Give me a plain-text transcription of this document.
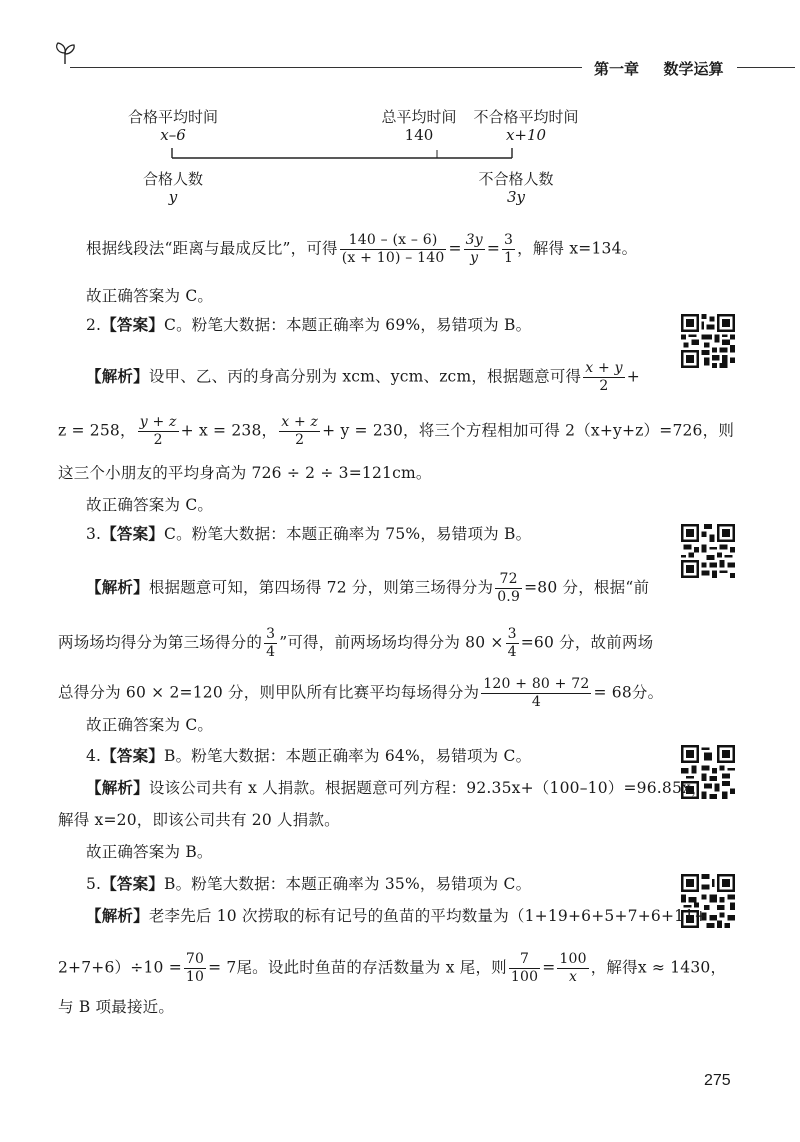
第一章 数学运算
合格平均时间
x–6
总平均时间
140
不合格平均时间
x+10
合格人数
y
不合格人数
3y
根据线段法“距离与最成反比”，可得 $\frac{140 - (x - 6)}{(x + 10) - 140} = \frac{3y}{y} = \frac{3}{1}$ ，解得 x=134。
故正确答案为 C。
2.【答案】C。粉笔大数据：本题正确率为 69%，易错项为 B。
【解析】设甲、乙、丙的身高分别为 xcm、ycm、zcm，根据题意可得 $\frac{x + y}{2}$ +
z = 258， $\frac{y + z}{2} + x = 238$， $\frac{x + z}{2} + y = 230$，将三个方程相加可得 2（x+y+z）=726，则
这三个小朋友的平均身高为 726 ÷ 2 ÷ 3=121cm。
故正确答案为 C。
3.【答案】C。粉笔大数据：本题正确率为 75%，易错项为 B。
【解析】根据题意可知，第四场得 72 分，则第三场得分为 $\frac{72}{0.9} =80$ 分，根据“前
两场场均得分为第三场得分的 $\frac{3}{4}$ ”可得，前两场场均得分为 $80 \times \frac{3}{4} =60$ 分，故前两场
总得分为 60 × 2=120 分，则甲队所有比赛平均每场得分为 $\frac{120 + 80 + 72}{4} = 68$分。
故正确答案为 C。
4.【答案】B。粉笔大数据：本题正确率为 64%，易错项为 C。
【解析】设该公司共有 x 人捐款。根据题意可列方程：92.35x+（100–10）=96.85x，
解得 x=20，即该公司共有 20 人捐款。
故正确答案为 B。
5.【答案】B。粉笔大数据：本题正确率为 35%，易错项为 C。
【解析】老李先后 10 次捞取的标有记号的鱼苗的平均数量为（1+19+6+5+7+6+11+
$2+7+6)\div 10 = \frac{70}{10} = 7$尾。设此时鱼苗的存活数量为 x 尾，则 $\frac{7}{100} = \frac{100}{x}$ ，解得x ≈ 1430，
与 B 项最接近。
275
